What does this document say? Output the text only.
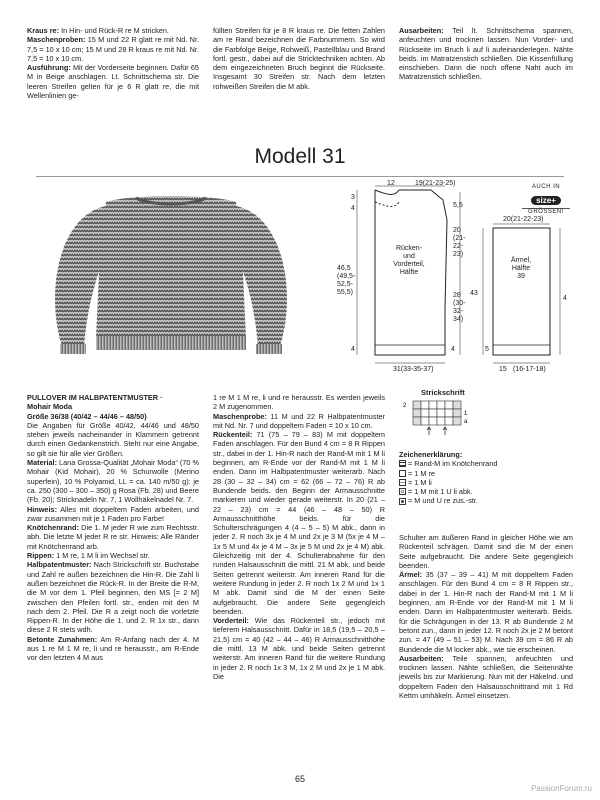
Kraus re: In Hin- und Rück-R re M stricken.

Maschenproben: 15 M und 22 R glatt re mit Nd. Nr. 7,5 = 10 x 10 cm; 15 M und 28 R kraus re mit Nd. Nr. 7,5 = 10 x 10 cm.

Ausführung: Mit der Vorderseite beginnen. Dafür 65 M in Beige anschlagen. Lt. Schnittschema str. Die leeren Streifen gelten für je 6 R glatt re, die mit Wellenlinien ge-

füllten Streifen für je 8 R kraus re. Die fetten Zahlen am re Rand bezeichnen die Farbnummern. So wird die Farbfolge Beige, Rohweiß, Pastellblau und Brand fortl. gestr., dabei auf die Stricktechniken achten. Ab dem eingezeichneten Bruch beginnt die Rückseite. Insgesamt 30 Streifen str. Nach dem letzten rohweißen Streifen die M abk.

Ausarbeiten: Teil lt. Schnittschema spannen, anfeuchten und trocknen lassen. Nun Vorder- und Rückseite im Bruch li auf li aufeinanderlegen. Nähte beids. im Matratzenstich schließen. Die Kissenfüllung einschieben. Dann die noch offene Naht auch im Matratzenstich schließen.

Modell 31
12	19(21-23-25)
3
4	5,5
20
(21-
22-
23)
28
(30-
32-
34)
46,5
(49,5-
52,5-
55,5)
4	4
31(33-35-37)
Rücken-
und
Vorderteil,
Hälfte
20(21-22-23)
Ärmel,
Hälfte
39
43
4
5
15 (16-17-18)
AUCH IN
size+
GRÖSSEN!
Strickschrift
2
1
a
Zeichenerklärung:
= Rand-M im Knötchenrand
= 1 M re
= 1 M li
= 1 M mit 1 U li abk.
= M und U re zus.-str.

PULLOVER IM HALBPATENTMUSTER ·

Mohair Moda

Größe 36/38 (40/42 – 44/46 – 48/50)

Die Angaben für Größe 40/42, 44/46 und 48/50 stehen jeweils nacheinander in Klammern getrennt durch einen Gedankenstrich. Steht nur eine Angabe, so gilt sie für alle vier Größen.

Material: Lana Grossa-Qualität „Mohair Moda“ (70 % Mohair (Kid Mohair), 20 % Schurwolle (Merino superfein), 10 % Polyamid, LL = ca. 140 m/50 g): je ca. 250 (300 – 300 – 350) g Rosa (Fb. 28) und Beere (Fb. 20); Stricknadeln Nr. 7, 1 Wollhäkelnadel Nr. 7.

Hinweis: Alles mit doppeltem Faden arbeiten, und zwar zusammen mit je 1 Faden pro Farbe!

Knötchenrand: Die 1. M jeder R wie zum Rechtsstr. abh. Die letzte M jeder R re str. Hinweis: Alle Ränder mit Knötchenrand arb.

Rippen: 1 M re, 1 M li im Wechsel str.

Halbpatentmuster: Nach Strickschrift str. Buchstabe und Zahl re außen bezeichnen die Hin-R. Die Zahl li außen bezeichnet die Rück-R. In der Breite die R-M, die M vor dem 1. Pfeil beginnen, den MS [= 2 M] zwischen den Pfeilen fortl. str., enden mit den M nach dem 2. Pfeil. Die R a zeigt noch die vorletzte Rippen-R. In der Höhe die 1. und 2. R 1x str., dann diese 2 R stets wdh.

Betonte Zunahmen: Am R-Anfang nach der 4. M aus 1 re M 1 M re, li und re herausstr., am R-Ende vor den letzten 4 M aus

1 re M 1 M re, li und re herausstr. Es werden jeweils 2 M zugenommen.

Maschenprobe: 11 M und 22 R Halbpatentmuster mit Nd. Nr. 7 und doppeltem Faden = 10 x 10 cm.

Rückenteil: 71 (75 – 79 – 83) M mit doppeltem Faden anschlagen. Für den Bund 4 cm = 8 R Rippen str., dabei in der 1. Hin-R nach der Rand-M mit 1 M li beginnen, am R-Ende vor der Rand-M mit 1 M li enden. Dann im Halbpatentmuster weiterarb. Nach 28 (30 – 32 – 34) cm = 62 (66 – 72 – 76) R ab Bundende beids. den Beginn der Armausschnitte markieren und wieder gerade weiterstr. In 20 (21 – 22 – 23) cm = 44 (46 – 48 – 50) R Armausschnitthöhe beids. für die Schulterschrägungen 4 (4 – 5 – 5) M abk., dann in jeder 2. R noch 3x je 4 M und 2x je 3 M (5x je 4 M – 1x 5 M und 4x je 4 M – 3x je 5 M und 2x je 4 M) abk. Gleichzeitig mit der 4. Schulterabnahme für den runden Halsausschnitt die mittl. 21 M abk. und beide Seiten getrennt weiterstr. Am inneren Rand für die weitere Rundung in jeder 2. R noch 1x 2 M und 1x 1 M abk. Damit sind die M der einen Seite aufgebraucht. Die andere Seite gegengleich beenden.

Vorderteil: Wie das Rückenteil str., jedoch mit tieferem Halsausschnitt. Dafür in 18,5 (19,5 – 20,5 – 21,5) cm = 40 (42 – 44 – 46) R Armausschnitthöhe die mittl. 13 M abk. und beide Seiten getrennt weiterstr. Am inneren Rand für die weitere Rundung in jeder 2. R noch 1x 3 M, 1x 2 M und 2x je 1 M abk. Die

Schulter am äußeren Rand in gleicher Höhe wie am Rückenteil schrägen. Damit sind die M der einen Seite aufgebraucht. Die andere Seite gegengleich beenden.

Ärmel: 35 (37 – 39 – 41) M mit doppeltem Faden anschlagen. Für den Bund 4 cm = 8 R Rippen str., dabei in der 1. Hin-R nach der Rand-M mit 1 M li beginnen, am R-Ende vor der Rand-M mit 1 M li enden. Dann im Halbpatentmuster weiterarb. Beids. für die Schrägungen in der 13. R ab Bundende 2 M betont zun., dann in jeder 12. R noch 2x je 2 M betont zun. = 47 (49 – 51 – 53) M. Nach 39 cm = 86 R ab Bundende die M locker abk., wie sie erscheinen.

Ausarbeiten: Teile spannen, anfeuchten und trocknen lassen. Nähte schließen, die Seitennähte jeweils bis zur Markierung. Nun mit der Häkelnd. und doppeltem Faden den Halsausschnittrand mit 1 Rd Kettm umhäkeln. Ärmel einsetzen.

65
PassionForum.ru
